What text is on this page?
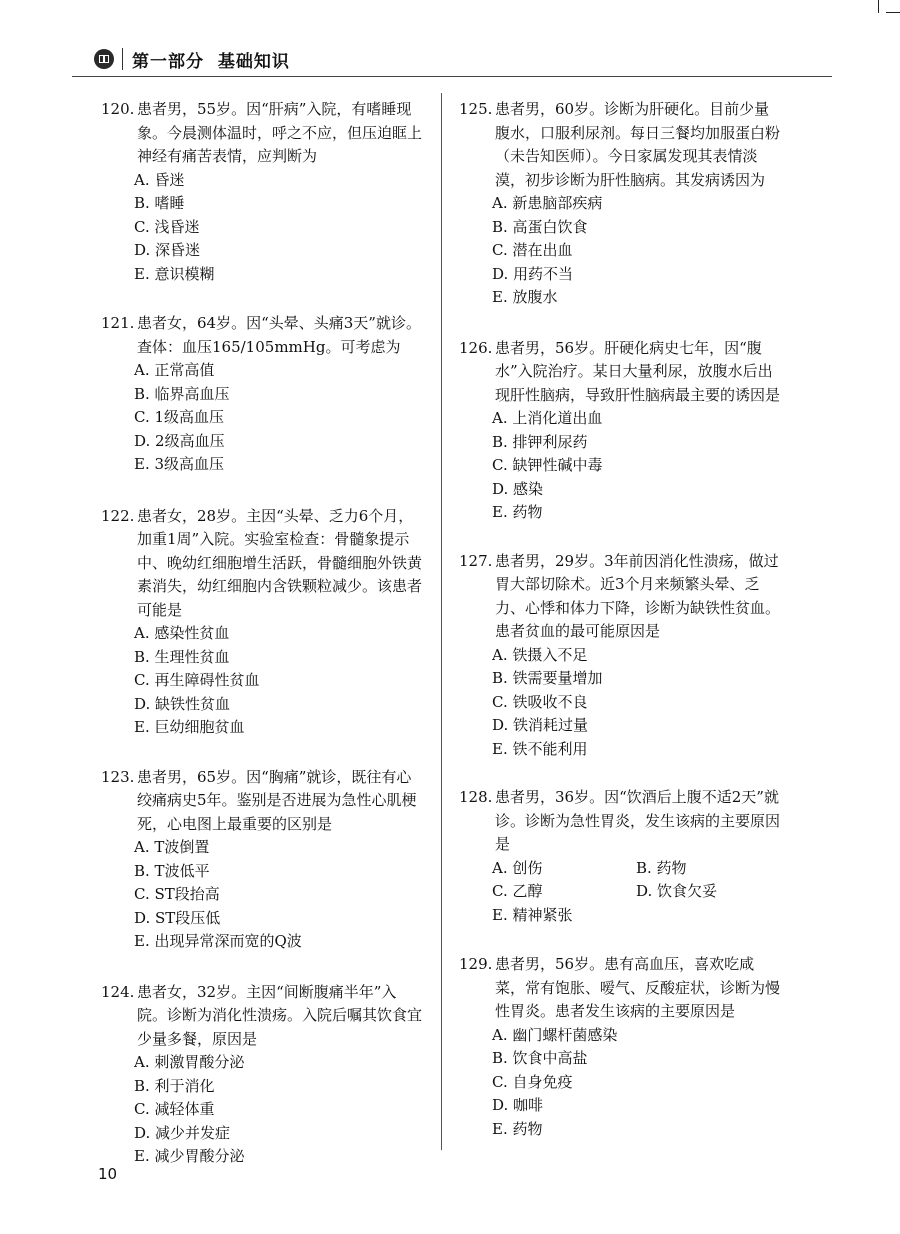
第一部分  基础知识
120. 患者男，55岁。因“肝病”入院，有嗜睡现象。今晨测体温时，呼之不应，但压迫眶上神经有痛苦表情，应判断为
A. 昏迷
B. 嗜睡
C. 浅昏迷
D. 深昏迷
E. 意识模糊
121. 患者女，64岁。因“头晕、头痛3天”就诊。查体：血压165/105mmHg。可考虑为
A. 正常高值
B. 临界高血压
C. 1级高血压
D. 2级高血压
E. 3级高血压
122. 患者女，28岁。主因“头晕、乏力6个月，加重1周”入院。实验室检查：骨髓象提示中、晚幼红细胞增生活跃，骨髓细胞外铁黄素消失，幼红细胞内含铁颗粒减少。该患者可能是
A. 感染性贫血
B. 生理性贫血
C. 再生障碍性贫血
D. 缺铁性贫血
E. 巨幼细胞贫血
123. 患者男，65岁。因“胸痛”就诊，既往有心绞痛病史5年。鉴别是否进展为急性心肌梗死，心电图上最重要的区别是
A. T波倒置
B. T波低平
C. ST段抬高
D. ST段压低
E. 出现异常深而宽的Q波
124. 患者女，32岁。主因“间断腹痛半年”入院。诊断为消化性溃疡。入院后嘱其饮食宜少量多餐，原因是
A. 刺激胃酸分泌
B. 利于消化
C. 减轻体重
D. 减少并发症
E. 减少胃酸分泌
125. 患者男，60岁。诊断为肝硬化。目前少量腹水，口服利尿剂。每日三餐均加服蛋白粉（未告知医师）。今日家属发现其表情淡漠，初步诊断为肝性脑病。其发病诱因为
A. 新患脑部疾病
B. 高蛋白饮食
C. 潜在出血
D. 用药不当
E. 放腹水
126. 患者男，56岁。肝硬化病史七年，因“腹水”入院治疗。某日大量利尿，放腹水后出现肝性脑病，导致肝性脑病最主要的诱因是
A. 上消化道出血
B. 排钾利尿药
C. 缺钾性碱中毒
D. 感染
E. 药物
127. 患者男，29岁。3年前因消化性溃疡，做过胃大部切除术。近3个月来频繁头晕、乏力、心悸和体力下降，诊断为缺铁性贫血。患者贫血的最可能原因是
A. 铁摄入不足
B. 铁需要量增加
C. 铁吸收不良
D. 铁消耗过量
E. 铁不能利用
128. 患者男，36岁。因“饮酒后上腹不适2天”就诊。诊断为急性胃炎，发生该病的主要原因是
A. 创伤	B. 药物
C. 乙醇	D. 饮食欠妥
E. 精神紧张
129. 患者男，56岁。患有高血压，喜欢吃咸菜，常有饱胀、嗳气、反酸症状，诊断为慢性胃炎。患者发生该病的主要原因是
A. 幽门螺杆菌感染
B. 饮食中高盐
C. 自身免疫
D. 咖啡
E. 药物
10
